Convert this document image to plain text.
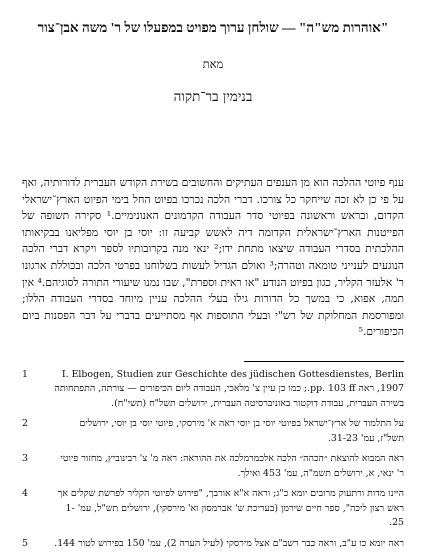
"אוהרות מש"ה" — שולחן ערוך מפויט במפעלו של ר' משה אבן־צור
מאת
בנימין בר־תקוה

ענף פיוטי ההלכה הוא מן הענפים העתיקים והחשובים בשירת הקודש העברית לדורותיה, ואף על פי כן לא זכה שייחקר כל צורכו. דברי הלכה נכרכו בפיוט החל בימי הפיוט הארץ־ישראלי הקדום, ובראש וראשונה בפיוטי סדר העבודה הקדמונים האנונימיים.¹ סקירה תשופה של הפייטנות הארץ־ישראלית הקדומה דיה לאשש קביעה זו: יוסי בן יוסי מפליאנו בבקיאותו ההלכתית בסדרי העבודה שיצאו מתחת ידו;² ינאי מנה בקרובותיו לספר ויקרא דברי הלכה הנוגעים לענייני טומאה וטהרה;³ ואולם הגדיל לעשות בשלוחנו בפרטי הלכה ובכוללת ארגונו ר' אלעזר הקליר, כגון בפיוט הנודע "או ראית וספרת", שבו נמנו שיעורי התורה לסוגיהם.⁴ אין תמה, אפוא, כי במשך כל הדורות גילו בעלי ההלכה עניין מיוחד בסדרי העבודה הללו; ומפורסמת המחלוקת של רש"י ובעלי התוספות אף מסתייעים בדברי על דבר הפסנות ביום הכיפורים.⁵

1	I. Elbogen, Studien zur Geschichte des jüdischen Gottesdienstes, Berlin 1907, ראה pp. 103 ff.; כמו כן עיין צ' מלאכי, העבודה ליום הכיפורים — צורתה, התפתחותה בשירה העברית, עבודת דוקטור באוניברסיטה העברית, ירושלים תשל"ח (תשי"ח).
2	על התלמוד של ארץ־ישראל בפיוטי יוסי בן יוסי ראה א' מירסקי, פיוטי יוסי בן יוסי, ירושלים תשל"ז, עמ' 31-23.
3	ראה המבוא להוצאת ״הכהה״ הלכה אלכמרמלכה את ההוראה: ראה מ' צ' רבינוביץ, מחזור פיוטי ר' ינאי, א, ירושלים תשמ"ה, עמ' 453 ואילך.
4	היינו מדות ורתעוק מרובים יומא כ"ג; וראה א"א אורבך, "פירוש לפיוטי הקליר לפרשת שקלים אך ראש רצון ליכה", ספר חיים שירמן (בעריכת ש' אברמסון וא' מירסקי), ירושלים תש"ל, עמ' 1-25.
5	ראה יומא כו ע"ב, וראה כבר רשב"ם אצל מירסקי (לעיל הערה 2), עמ' 150 בפירוש לטור 144.
